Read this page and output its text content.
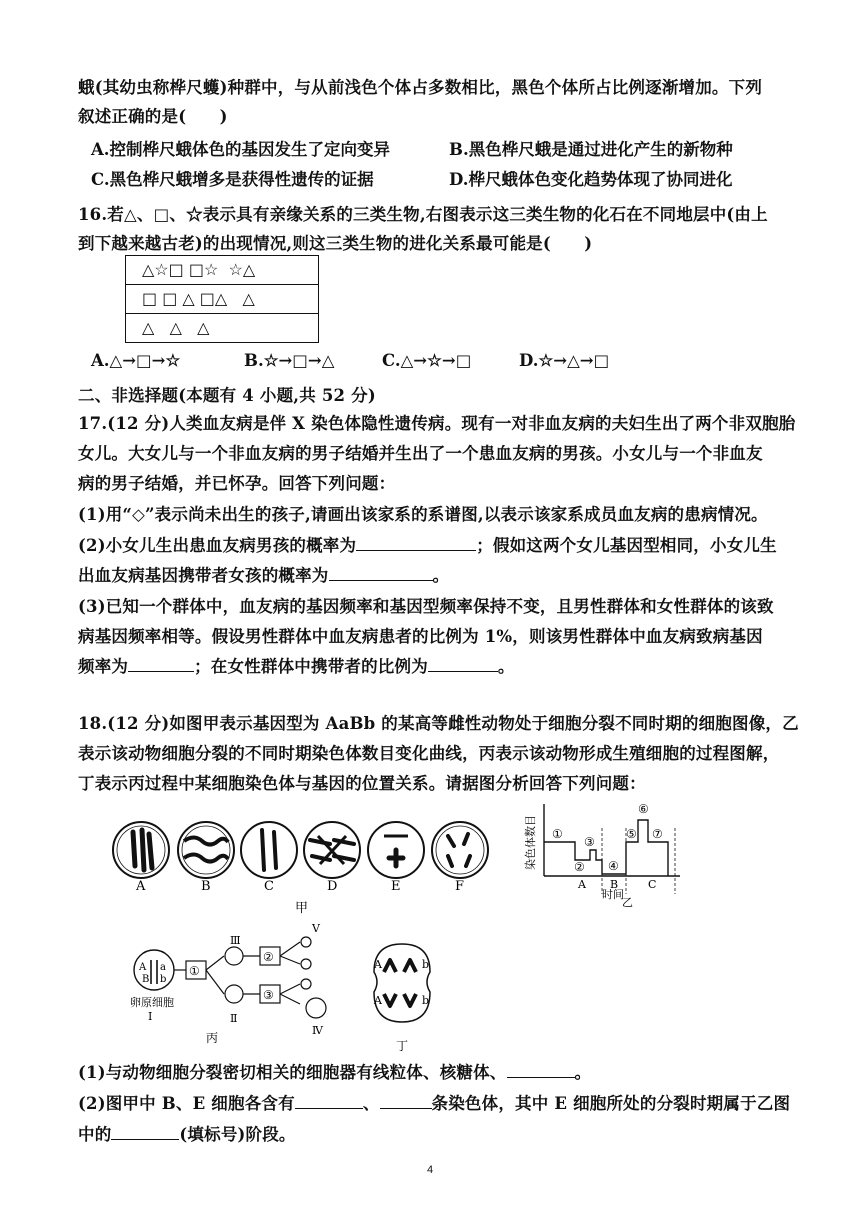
蛾(其幼虫称桦尺蠖)种群中，与从前浅色个体占多数相比，黑色个体所占比例逐渐增加。下列
叙述正确的是(　　)
A.控制桦尺蛾体色的基因发生了定向变异	B.黑色桦尺蛾是通过进化产生的新物种
C.黑色桦尺蛾增多是获得性遗传的证据	D.桦尺蛾体色变化趋势体现了协同进化
16.若△、□、☆表示具有亲缘关系的三类生物,右图表示这三类生物的化石在不同地层中(由上
到下越来越古老)的出现情况,则这三类生物的进化关系最可能是(　　)
△☆□ □☆  ☆△
□ □ △ □△   △
△   △   △
A.△→□→☆	B.☆→□→△	C.△→☆→□	D.☆→△→□
二、非选择题(本题有 4 小题,共 52 分)
17.(12 分)人类血友病是伴 X 染色体隐性遗传病。现有一对非血友病的夫妇生出了两个非双胞胎
女儿。大女儿与一个非血友病的男子结婚并生出了一个患血友病的男孩。小女儿与一个非血友
病的男子结婚，并已怀孕。回答下列问题：
(1)用“◇”表示尚未出生的孩子,请画出该家系的系谱图,以表示该家系成员血友病的患病情况。
(2)小女儿生出患血友病男孩的概率为	；假如这两个女儿基因型相同，小女儿生
出血友病基因携带者女孩的概率为	。
(3)已知一个群体中，血友病的基因频率和基因型频率保持不变，且男性群体和女性群体的该致
病基因频率相等。假设男性群体中血友病患者的比例为 1%，则该男性群体中血友病致病基因
频率为	；在女性群体中携带者的比例为	。
18.(12 分)如图甲表示基因型为 AaBb 的某高等雌性动物处于细胞分裂不同时期的细胞图像，乙
表示该动物细胞分裂的不同时期染色体数目变化曲线，丙表示该动物形成生殖细胞的过程图解，
丁表示丙过程中某细胞染色体与基因的位置关系。请据图分析回答下列问题：
A	B	C	D	E	F
甲
①
②
③
④
⑤
⑥
⑦
A B	C
时间
乙
染色体数目
A a
B b
①
Ⅲ
Ⅱ
②
③
Ⅴ
Ⅳ
卵原细胞
Ⅰ
丙
A	b
A	b
丁
(1)与动物细胞分裂密切相关的细胞器有线粒体、核糖体、	。
(2)图甲中 B、E 细胞各含有	、	条染色体，其中 E 细胞所处的分裂时期属于乙图
中的	(填标号)阶段。
4
